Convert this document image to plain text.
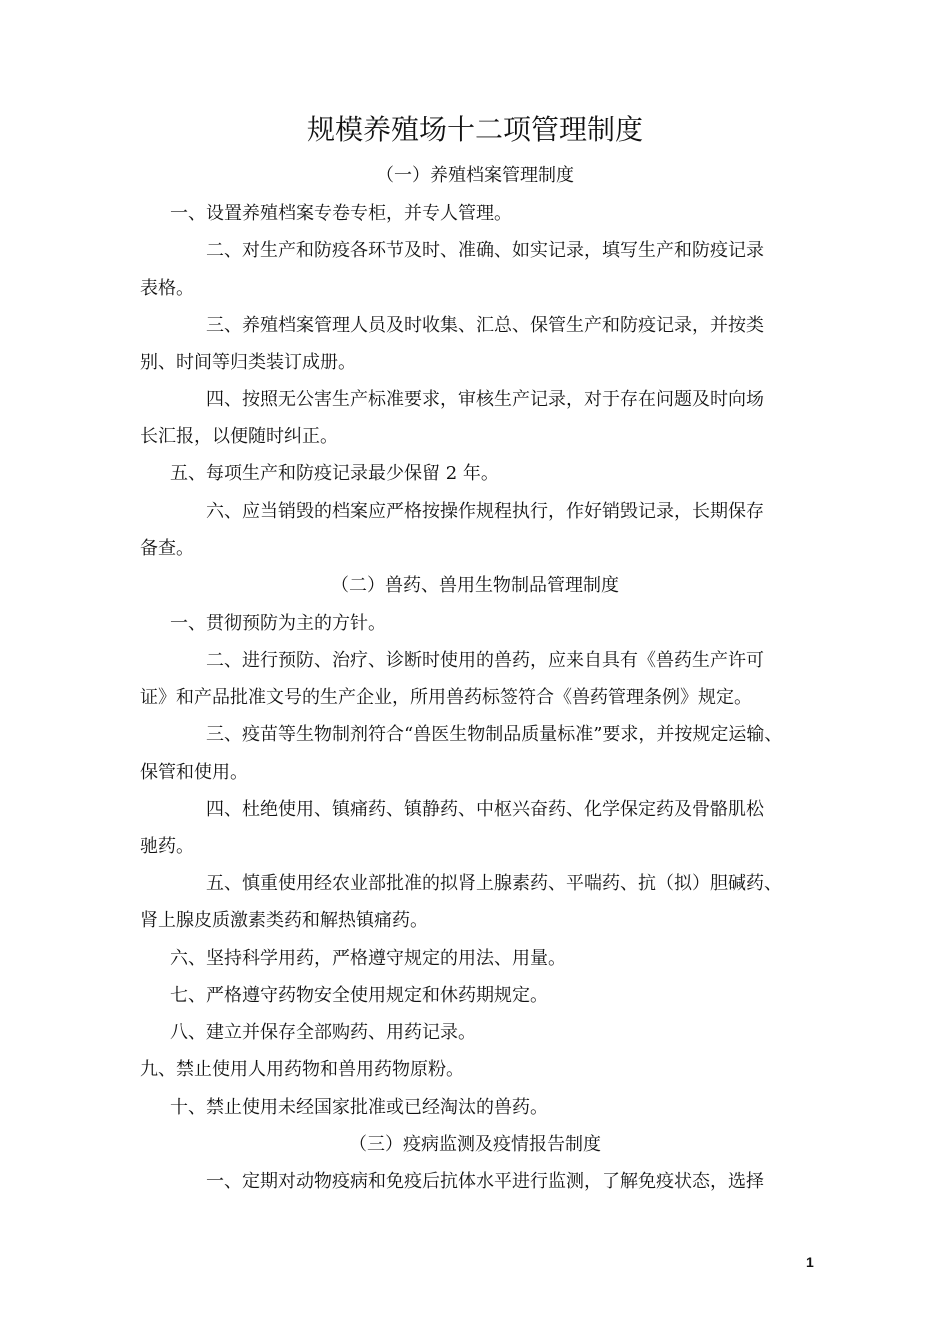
规模养殖场十二项管理制度
（一）养殖档案管理制度
一、设置养殖档案专卷专柜，并专人管理。
二、对生产和防疫各环节及时、准确、如实记录，填写生产和防疫记录
表格。
三、养殖档案管理人员及时收集、汇总、保管生产和防疫记录，并按类
别、时间等归类装订成册。
四、按照无公害生产标准要求，审核生产记录，对于存在问题及时向场
长汇报，以便随时纠正。
五、每项生产和防疫记录最少保留 2 年。
六、应当销毁的档案应严格按操作规程执行，作好销毁记录，长期保存
备查。
（二）兽药、兽用生物制品管理制度
一、贯彻预防为主的方针。
二、进行预防、治疗、诊断时使用的兽药，应来自具有《兽药生产许可
证》和产品批准文号的生产企业，所用兽药标签符合《兽药管理条例》规定。
三、疫苗等生物制剂符合“兽医生物制品质量标准”要求，并按规定运输、
保管和使用。
四、杜绝使用、镇痛药、镇静药、中枢兴奋药、化学保定药及骨骼肌松
驰药。
五、慎重使用经农业部批准的拟肾上腺素药、平喘药、抗（拟）胆碱药、
肾上腺皮质激素类药和解热镇痛药。
六、坚持科学用药，严格遵守规定的用法、用量。
七、严格遵守药物安全使用规定和休药期规定。
八、建立并保存全部购药、用药记录。
九、禁止使用人用药物和兽用药物原粉。
十、禁止使用未经国家批准或已经淘汰的兽药。
（三）疫病监测及疫情报告制度
一、定期对动物疫病和免疫后抗体水平进行监测，了解免疫状态，选择
1
